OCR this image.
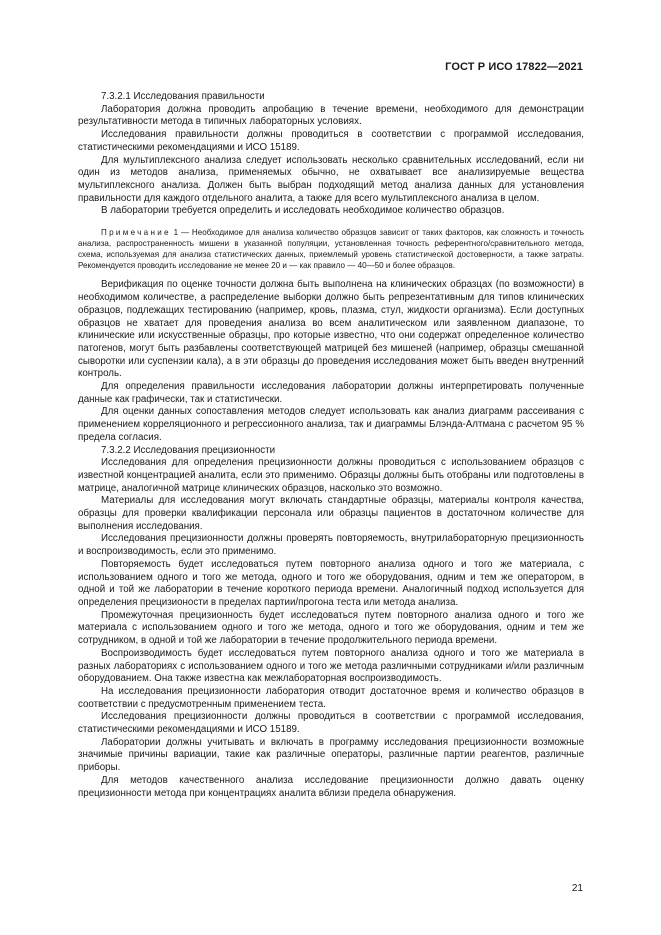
ГОСТ Р ИСО 17822—2021

7.3.2.1 Исследования правильности

Лаборатория должна проводить апробацию в течение времени, необходимого для демонстрации результативности метода в типичных лабораторных условиях.

Исследования правильности должны проводиться в соответствии с программой исследования, статистическими рекомендациями и ИСО 15189.

Для мультиплексного анализа следует использовать несколько сравнительных исследований, если ни один из методов анализа, применяемых обычно, не охватывает все анализируемые вещества мультиплексного анализа. Должен быть выбран подходящий метод анализа данных для установления правильности для каждого отдельного аналита, а также для всего мультиплексного анализа в целом.

В лаборатории требуется определить и исследовать необходимое количество образцов.

Примечание 1 — Необходимое для анализа количество образцов зависит от таких факторов, как сложность и точность анализа, распространенность мишени в указанной популяции, установленная точность референтного/сравнительного метода, схема, используемая для анализа статистических данных, приемлемый уровень статистической достоверности, а также затраты. Рекомендуется проводить исследование не менее 20 и — как правило — 40—50 и более образцов.

Верификация по оценке точности должна быть выполнена на клинических образцах (по возможности) в необходимом количестве, а распределение выборки должно быть репрезентативным для типов клинических образцов, подлежащих тестированию (например, кровь, плазма, стул, жидкости организма). Если доступных образцов не хватает для проведения анализа во всем аналитическом или заявленном диапазоне, то клинические или искусственные образцы, про которые известно, что они содержат определенное количество патогенов, могут быть разбавлены соответствующей матрицей без мишеней (например, образцы смешанной сыворотки или суспензии кала), а в эти образцы до проведения исследования может быть введен внутренний контроль.

Для определения правильности исследования лаборатории должны интерпретировать полученные данные как графически, так и статистически.

Для оценки данных сопоставления методов следует использовать как анализ диаграмм рассеивания с применением корреляционного и регрессионного анализа, так и диаграммы Блэнда-Алтмана с расчетом 95 % предела согласия.

7.3.2.2 Исследования прецизионности

Исследования для определения прецизионности должны проводиться с использованием образцов с известной концентрацией аналита, если это применимо. Образцы должны быть отобраны или подготовлены в матрице, аналогичной матрице клинических образцов, насколько это возможно.

Материалы для исследования могут включать стандартные образцы, материалы контроля качества, образцы для проверки квалификации персонала или образцы пациентов в достаточном количестве для выполнения исследования.

Исследования прецизионности должны проверять повторяемость, внутрилабораторную прецизионность и воспроизводимость, если это применимо.

Повторяемость будет исследоваться путем повторного анализа одного и того же материала, с использованием одного и того же метода, одного и того же оборудования, одним и тем же оператором, в одной и той же лаборатории в течение короткого периода времени. Аналогичный подход используется для определения прецизионости в пределах партии/прогона теста или метода анализа.

Промежуточная прецизионность будет исследоваться путем повторного анализа одного и того же материала с использованием одного и того же метода, одного и того же оборудования, одним и тем же сотрудником, в одной и той же лаборатории в течение продолжительного периода времени.

Воспроизводимость будет исследоваться путем повторного анализа одного и того же материала в разных лабораториях с использованием одного и того же метода различными сотрудниками и/или различным оборудованием. Она также известна как межлабораторная воспроизводимость.

На исследования прецизионности лаборатория отводит достаточное время и количество образцов в соответствии с предусмотренным применением теста.

Исследования прецизионности должны проводиться в соответствии с программой исследования, статистическими рекомендациями и ИСО 15189.

Лаборатории должны учитывать и включать в программу исследования прецизионности возможные значимые причины вариации, такие как различные операторы, различные партии реагентов, различные приборы.

Для методов качественного анализа исследование прецизионности должно давать оценку прецизионности метода при концентрациях аналита вблизи предела обнаружения.

21
